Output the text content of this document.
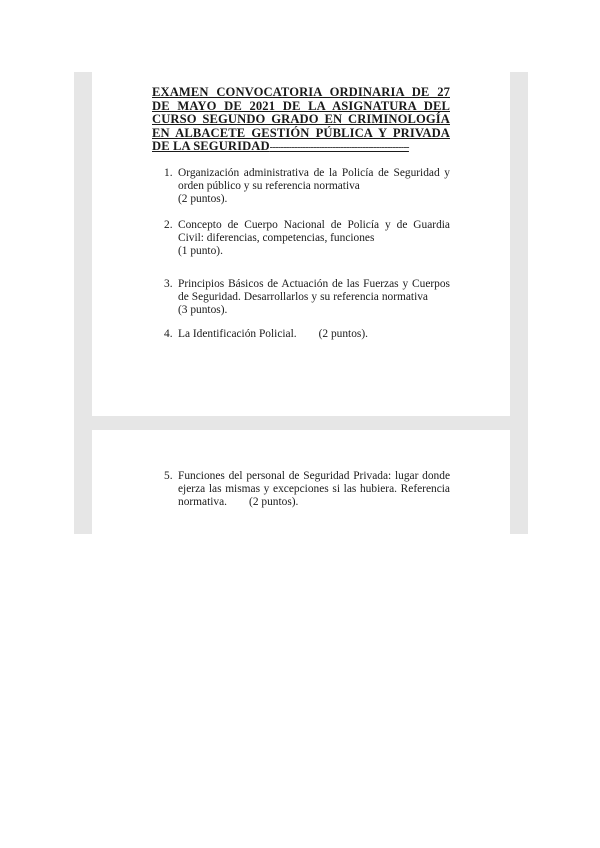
EXAMEN CONVOCATORIA ORDINARIA DE 27 DE MAYO DE 2021 DE LA ASIGNATURA DEL CURSO SEGUNDO GRADO EN CRIMINOLOGÍA EN ALBACETE GESTIÓN PÚBLICA Y PRIVADA DE LA SEGURIDAD---------------------------------------------------

1. Organización administrativa de la Policía de Seguridad y orden público y su referencia normativa
(2 puntos).
2. Concepto de Cuerpo Nacional de Policía y de Guardia Civil: diferencias, competencias, funciones
(1 punto).
3. Principios Básicos de Actuación de las Fuerzas y Cuerpos de Seguridad. Desarrollarlos y su referencia normativa(3 puntos).
4. La Identificación Policial. (2 puntos).
5. Funciones del personal de Seguridad Privada: lugar donde ejerza las mismas y excepciones si las hubiera. Referencia normativa. (2 puntos).
